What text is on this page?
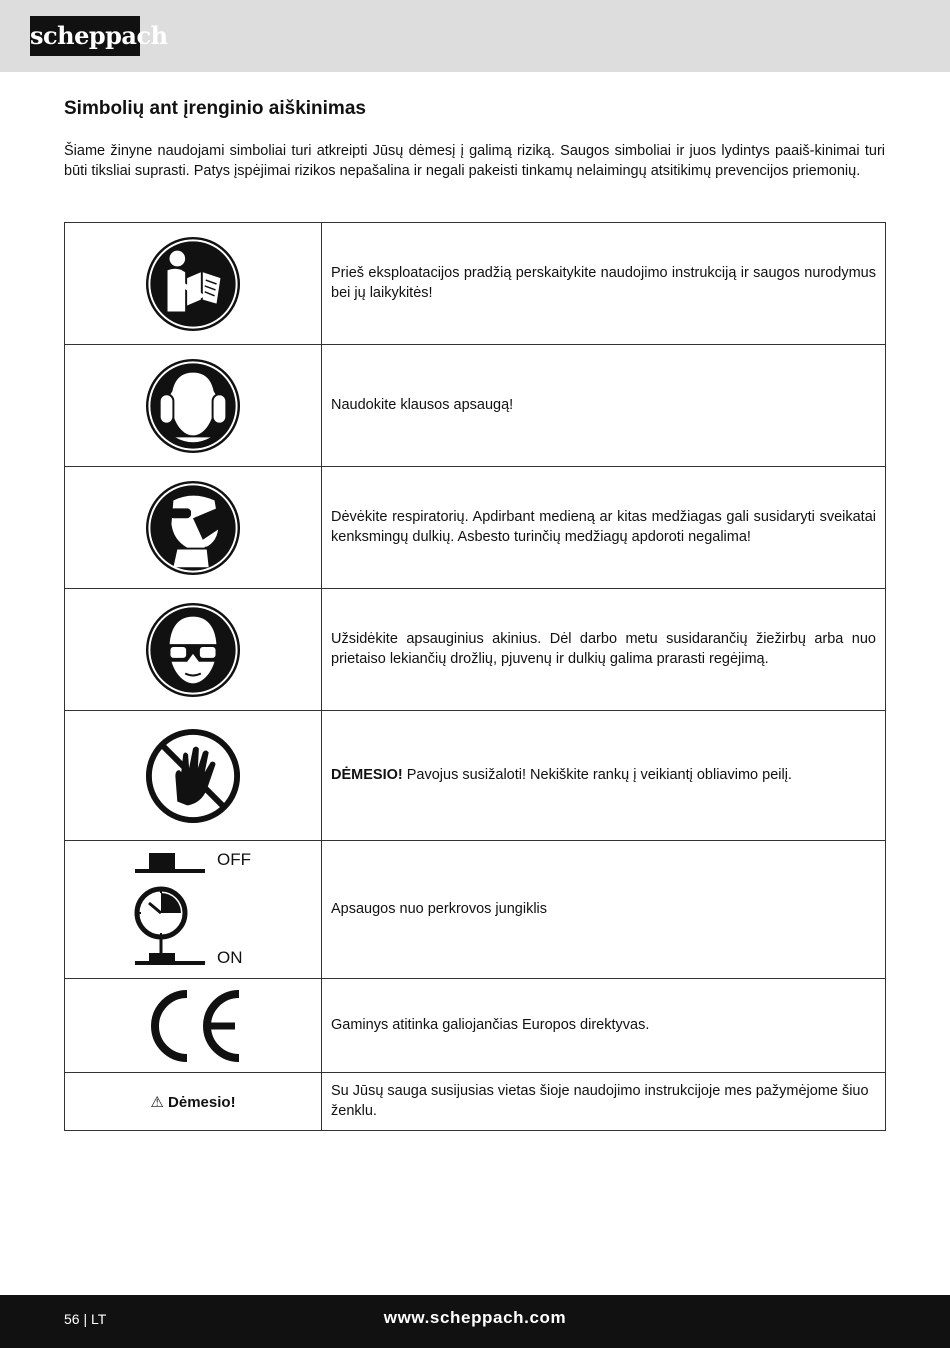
scheppach
Simbolių ant įrenginio aiškinimas

Šiame žinyne naudojami simboliai turi atkreipti Jūsų dėmesį į galimą riziką. Saugos simboliai ir juos lydintys paaiš-kinimai turi būti tiksliai suprasti. Patys įspėjimai rizikos nepašalina ir negali pakeisti tinkamų nelaimingų atsitikimų prevencijos priemonių.

	Prieš eksploatacijos pradžią perskaitykite naudojimo instrukciją ir saugos nurodymus bei jų laikykitės!

	Naudokite klausos apsaugą!

	Dėvėkite respiratorių. Apdirbant medieną ar kitas medžiagas gali susidaryti sveikatai kenksmingų dulkių. Asbesto turinčių medžiagų apdoroti negalima!

	Užsidėkite apsauginius akinius. Dėl darbo metu susidarančių žiežirbų arba nuo prietaiso lekiančių drožlių, pjuvenų ir dulkių galima prarasti regėjimą.

	DĖMESIO! Pavojus susižaloti! Nekiškite rankų į veikiantį obliavimo peilį.

OFF
ON	Apsaugos nuo perkrovos jungiklis

	Gaminys atitinka galiojančias Europos direktyvas.
⚠ Dėmesio!	Su Jūsų sauga susijusias vietas šioje naudojimo instrukcijoje mes pažymėjome šiuo ženklu.
56 | LT	www.scheppach.com
